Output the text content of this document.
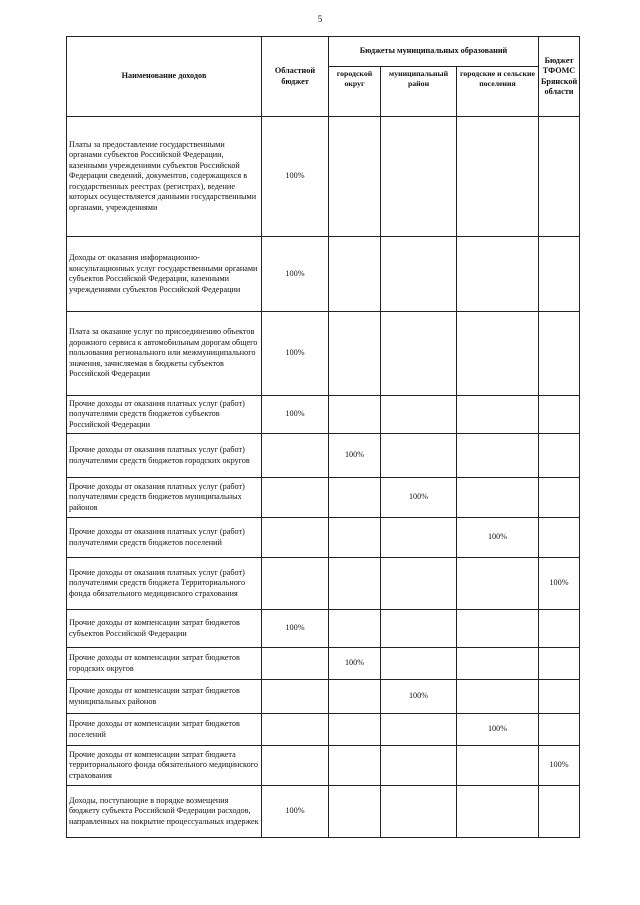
5
Наименование доходов	Областной бюджет	Бюджеты муниципальных образований			Бюджет ТФОМС Брянской области
		городской округ	муниципальный район	городские и сельские поселения	
Платы за предоставление государственными органами субъектов Российской Федерации, казенными учреждениями субъектов Российской Федерации сведений, документов, содержащихся в государственных реестрах (регистрах), ведение которых осуществляется данными государственными органами, учреждениями	100%				
Доходы от оказания информационно-консультационных услуг государственными органами субъектов Российской Федерации, казенными учреждениями субъектов Российской Федерации	100%				
Плата за оказание услуг по присоединению объектов дорожного сервиса к автомобильным дорогам общего пользования регионального или межмуниципального значения, зачисляемая в бюджеты субъектов Российской Федерации	100%				
Прочие доходы от оказания платных услуг (работ) получателями средств бюджетов субъектов Российской Федерации	100%				
Прочие доходы от оказания платных услуг (работ) получателями средств бюджетов городских округов		100%			
Прочие доходы от оказания платных услуг (работ) получателями средств бюджетов муниципальных районов			100%		
Прочие доходы от оказания платных услуг (работ) получателями средств бюджетов поселений				100%	
Прочие доходы от оказания платных услуг (работ) получателями средств бюджета Территориального фонда обязательного медицинского страхования					100%
Прочие доходы от компенсации затрат бюджетов субъектов Российской Федерации	100%				
Прочие доходы от компенсации затрат бюджетов городских округов		100%			
Прочие доходы от компенсации затрат бюджетов муниципальных районов			100%		
Прочие доходы от компенсации затрат бюджетов поселений				100%	
Прочие доходы от компенсации затрат бюджета территориального фонда обязательного медицинского страхования					100%
Доходы, поступающие в порядке возмещения бюджету субъекта Российской Федерации расходов, направленных на покрытие процессуальных издержек	100%				
